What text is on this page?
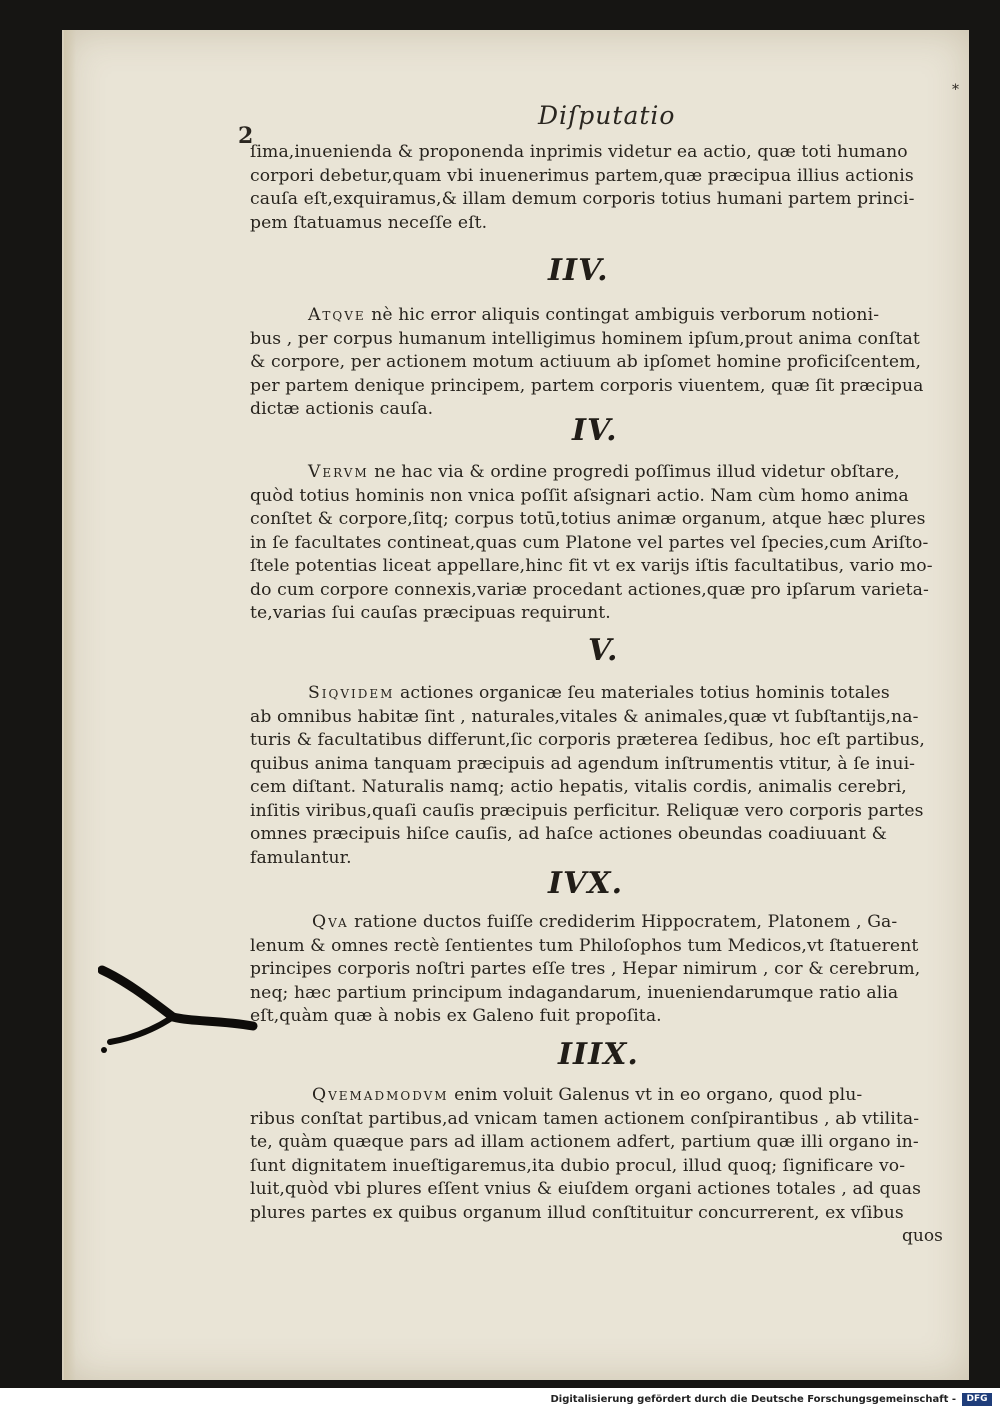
2
Diſputatio
*
ſima,inuenienda & proponenda inprimis videtur ea actio, quæ toti humano
corpori debetur,quam vbi inuenerimus partem,quæ præcipua illius actionis
cauſa eſt,exquiramus,& illam demum corporis totius humani partem princi-
pem ſtatuamus neceſſe eſt.
IIV.
Atqve nè hic error aliquis contingat ambiguis verborum notioni-
bus , per corpus humanum intelligimus hominem ipſum,prout anima conſtat
& corpore, per actionem motum actiuum ab ipſomet homine proficiſcentem,
per partem denique principem, partem corporis viuentem, quæ ſit præcipua
dictæ actionis cauſa.
IV.
Vervm ne hac via & ordine progredi poſſimus illud videtur obſtare,
quòd totius hominis non vnica poſſit aſsignari actio. Nam cùm homo anima
conſtet & corpore,ſitq; corpus totū,totius animæ organum, atque hæc plures
in ſe facultates contineat,quas cum Platone vel partes vel ſpecies,cum Ariſto-
ſtele potentias liceat appellare,hinc fit vt ex varijs iſtis facultatibus, vario mo-
do cum corpore connexis,variæ procedant actiones,quæ pro ipſarum varieta-
te,varias ſui cauſas præcipuas requirunt.
V.
Siqvidem actiones organicæ ſeu materiales totius hominis totales
ab omnibus habitæ ſint , naturales,vitales & animales,quæ vt ſubſtantijs,na-
turis & facultatibus differunt,ſic corporis præterea ſedibus, hoc eſt partibus,
quibus anima tanquam præcipuis ad agendum inſtrumentis vtitur, à ſe inui-
cem diſtant. Naturalis namq; actio hepatis, vitalis cordis, animalis cerebri,
inſitis viribus,quaſi cauſis præcipuis perficitur. Reliquæ vero corporis partes
omnes præcipuis hiſce cauſis, ad haſce actiones obeundas coadiuuant &
famulantur.
IVX.
Qva ratione ductos fuiſſe crediderim Hippocratem, Platonem , Ga-
lenum & omnes rectè ſentientes tum Philoſophos tum Medicos,vt ſtatuerent
principes corporis noſtri partes eſſe tres , Hepar nimirum , cor & cerebrum,
neq; hæc partium principum indagandarum, inueniendarumque ratio alia
eſt,quàm quæ à nobis ex Galeno fuit propoſita.
IIIX.
Qvemadmodvm enim voluit Galenus vt in eo organo, quod plu-
ribus conſtat partibus,ad vnicam tamen actionem conſpirantibus , ab vtilita-
te, quàm quæque pars ad illam actionem adfert, partium quæ illi organo in-
ſunt dignitatem inueſtigaremus,ita dubio procul, illud quoq; ſignificare vo-
luit,quòd vbi plures eſſent vnius & eiuſdem organi actiones totales , ad quas
plures partes ex quibus organum illud conſtituitur concurrerent, ex vſibus
quos
Digitalisierung gefördert durch die Deutsche Forschungsgemeinschaft -	DFG
